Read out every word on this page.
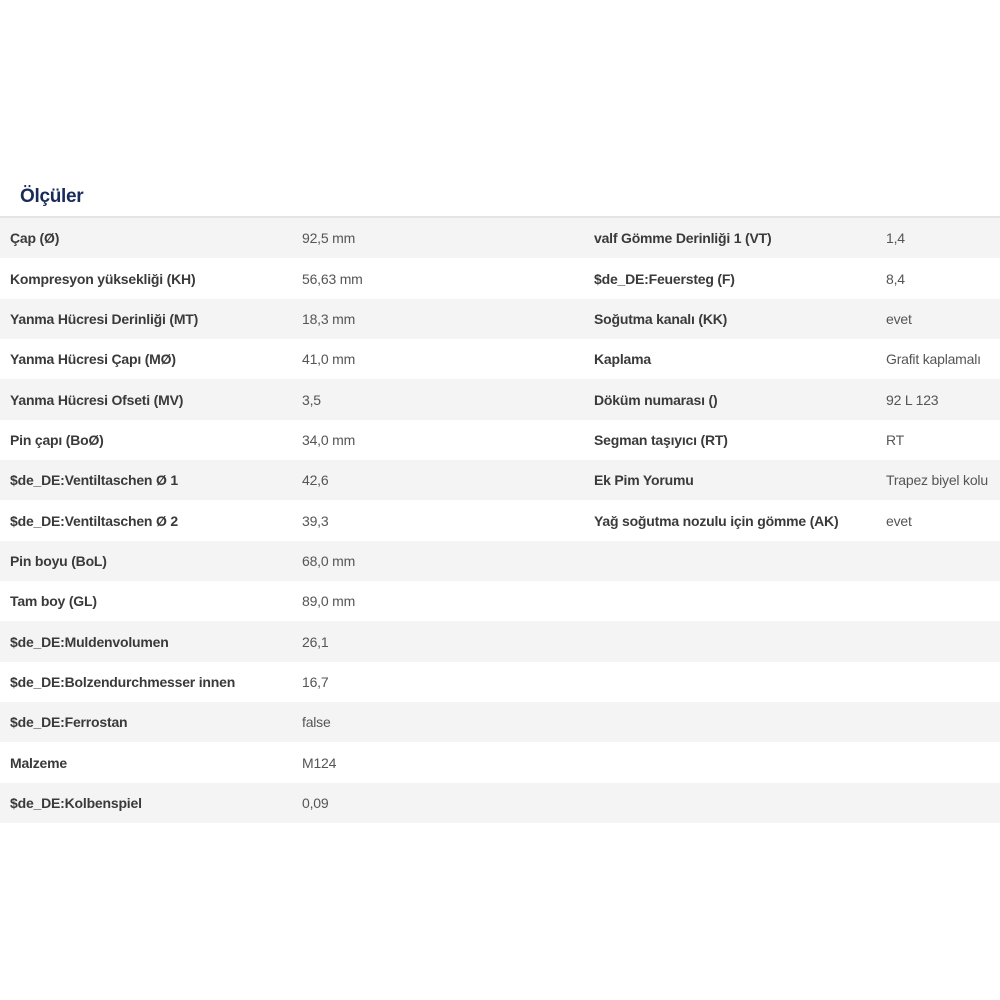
Ölçüler
Çap (Ø)	92,5 mm	valf Gömme Derinliği 1 (VT)	1,4
Kompresyon yüksekliği (KH)	56,63 mm	$de_DE:Feuersteg (F)	8,4
Yanma Hücresi Derinliği (MT)	18,3 mm	Soğutma kanalı (KK)	evet
Yanma Hücresi Çapı (MØ)	41,0 mm	Kaplama	Grafit kaplamalı
Yanma Hücresi Ofseti (MV)	3,5	Döküm numarası ()	92 L 123
Pin çapı (BoØ)	34,0 mm	Segman taşıyıcı (RT)	RT
$de_DE:Ventiltaschen Ø 1	42,6	Ek Pim Yorumu	Trapez biyel kolu
$de_DE:Ventiltaschen Ø 2	39,3	Yağ soğutma nozulu için gömme (AK)	evet
Pin boyu (BoL)	68,0 mm
Tam boy (GL)	89,0 mm
$de_DE:Muldenvolumen	26,1
$de_DE:Bolzendurchmesser innen	16,7
$de_DE:Ferrostan	false
Malzeme	M124
$de_DE:Kolbenspiel	0,09
